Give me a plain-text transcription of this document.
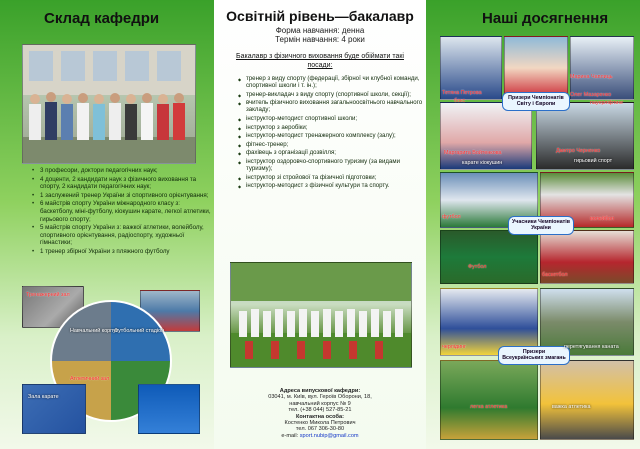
Склад кафедри
• 3 професори, доктори педагогічних наук;
• 4 доценти, 2 кандидати наук з фізичного виховання та спорту, 2 кандидати педагогічних наук;
• 1 заслужений тренер України зі спортивного орієнтування;
• 6 майстрів спорту України міжнародного класу з: баскетболу, міні-футболу, кіокушин карате, легкої атлетики, гирьового спорту;
• 5 майстрів спорту України з: важкої атлетики, волейболу, спортивного орієнтування, радіоспорту, художньої гімнастики;
• 1 тренер збірної України з пляжного футболу
Тренажерний зал
Навчальний корпус
Футбольний стадіон
Атлетичний зал
Зала карате
Освітній рівень—бакалавр
Форма навчання: денна
Термін навчання: 4 роки
Бакалавр з фізичного виховання буде обіймати такі посади:
◆ тренер з виду спорту (федерації, збірної чи клубної команди, спортивної школи і т. ін.);
◆ тренер-викладач з виду спорту (спортивної школи, секції);
◆ вчитель фізичного виховання загальноосвітнього навчального закладу;
◆ інструктор-методист спортивної школи;
◆ інструктор з аеробіки;
◆ інструктор-методист тренажерного комплексу (залу);
◆ фітнес-тренер;
◆ фахівець з організації дозвілля;
◆ інструктор оздоровчо-спортивного туризму (за видами туризму);
◆ інструктор зі стройової та фізичної підготовки;
◆ інструктор-методист з фізичної культури та спорту.
Адреса випускової кафедри:
03041, м. Київ, вул. Героїв Оборони, 18,
навчальний корпус № 9
тел. (+38 044) 527-85-21
Контактна особа:
Костенко Микола Петрович
тел. 067 306-30-80
e-mail: sport.nubip@gmail.com
Наші досягнення
Призери Чемпіонатів Світу і Європи
Тетяна Петрова
бокс
Марина Чаплиць
Олег Мазаренко
пауерліфтинг
Маргарита Войтенкова
карате кіокушин
Дмитро Черненко
гирьовий спорт
Учасники Чемпіонатів України
футбол	волейбол
Футбол
баскетбол
Призери Всеукраїнських змагань
черлідинг	перетягування каната
легка атлетика	важка атлетика
